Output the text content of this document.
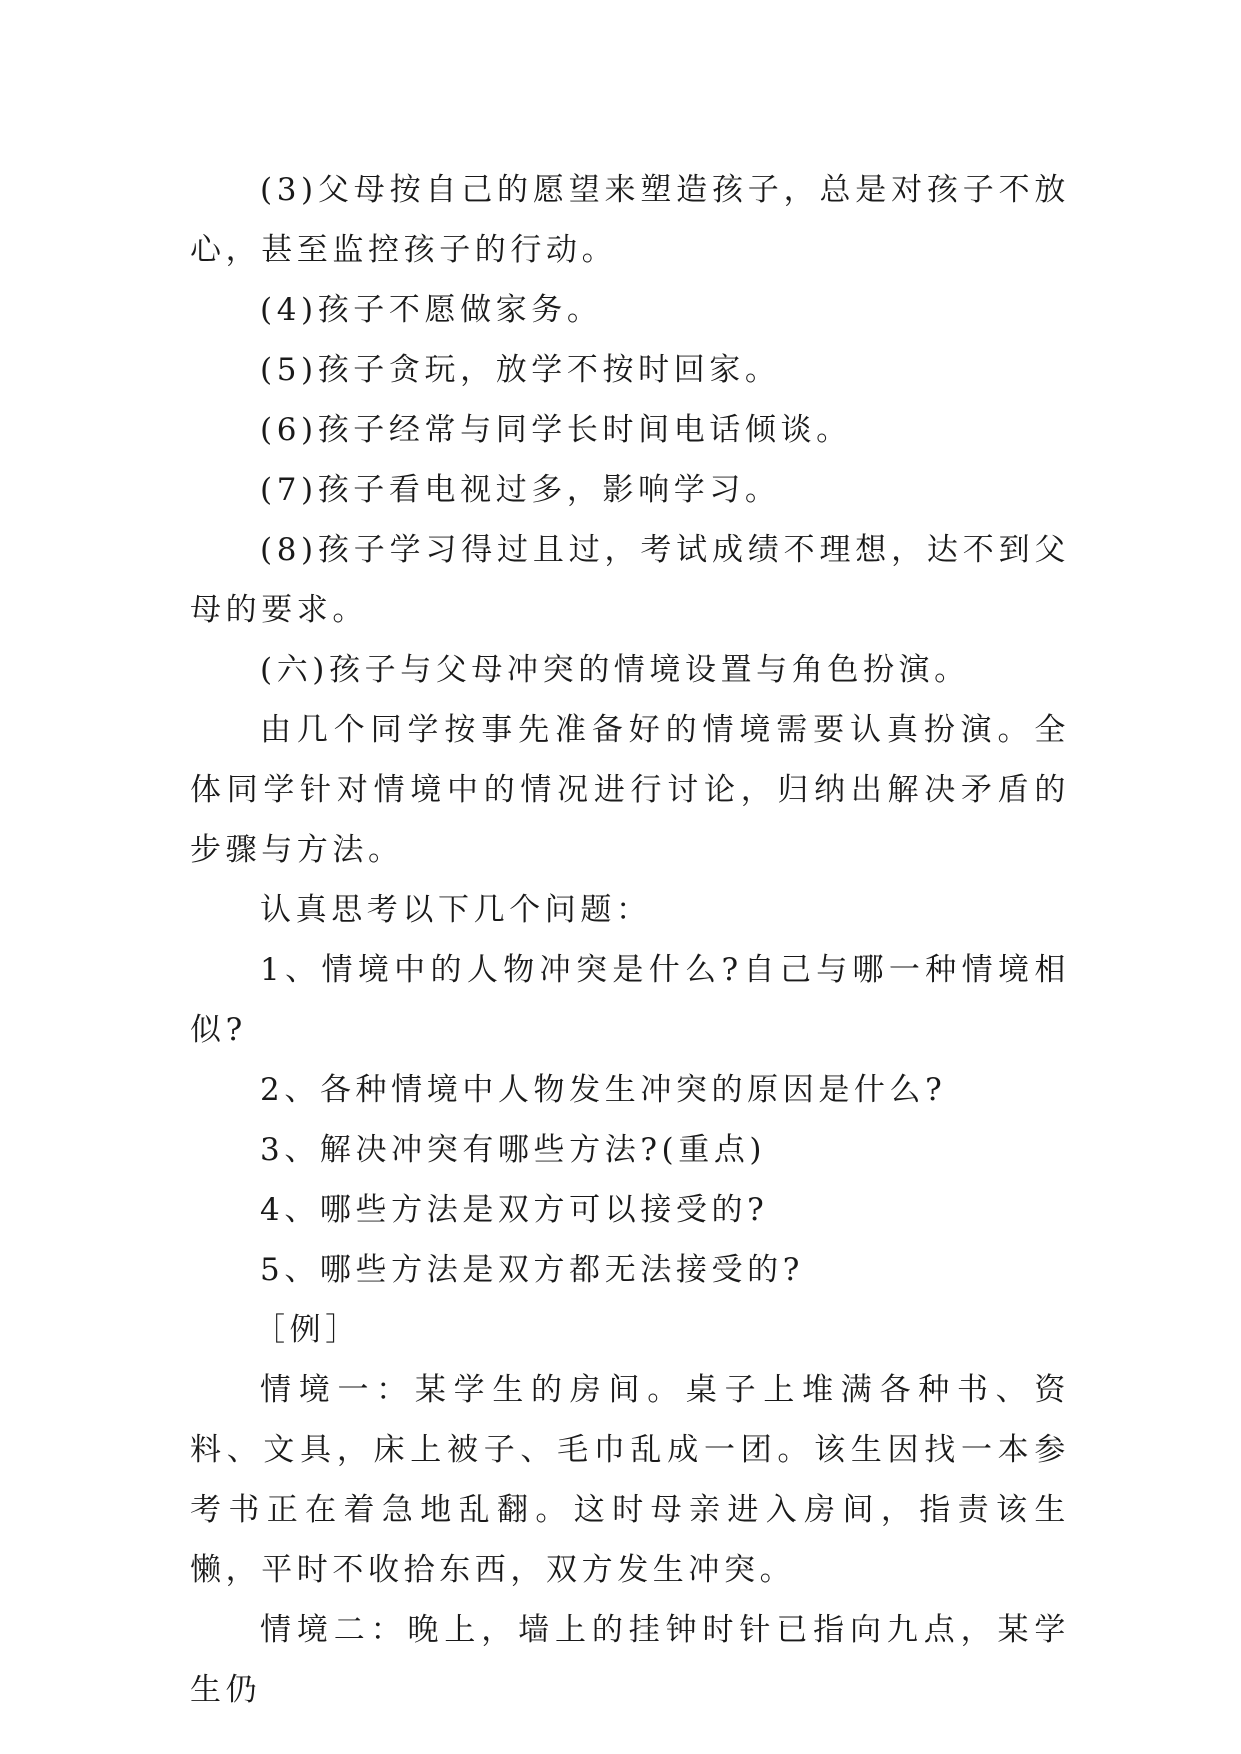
(3)父母按自己的愿望来塑造孩子，总是对孩子不放心，甚至监控孩子的行动。

(4)孩子不愿做家务。

(5)孩子贪玩，放学不按时回家。

(6)孩子经常与同学长时间电话倾谈。

(7)孩子看电视过多，影响学习。

(8)孩子学习得过且过，考试成绩不理想，达不到父母的要求。

(六)孩子与父母冲突的情境设置与角色扮演。

由几个同学按事先准备好的情境需要认真扮演。全体同学针对情境中的情况进行讨论，归纳出解决矛盾的步骤与方法。

认真思考以下几个问题：

1、情境中的人物冲突是什么?自己与哪一种情境相似?

2、各种情境中人物发生冲突的原因是什么?

3、解决冲突有哪些方法?(重点)

4、哪些方法是双方可以接受的?

5、哪些方法是双方都无法接受的?

［例］

情境一：某学生的房间。桌子上堆满各种书、资料、文具，床上被子、毛巾乱成一团。该生因找一本参考书正在着急地乱翻。这时母亲进入房间，指责该生懒，平时不收拾东西，双方发生冲突。

情境二：晚上，墙上的挂钟时针已指向九点，某学生仍
